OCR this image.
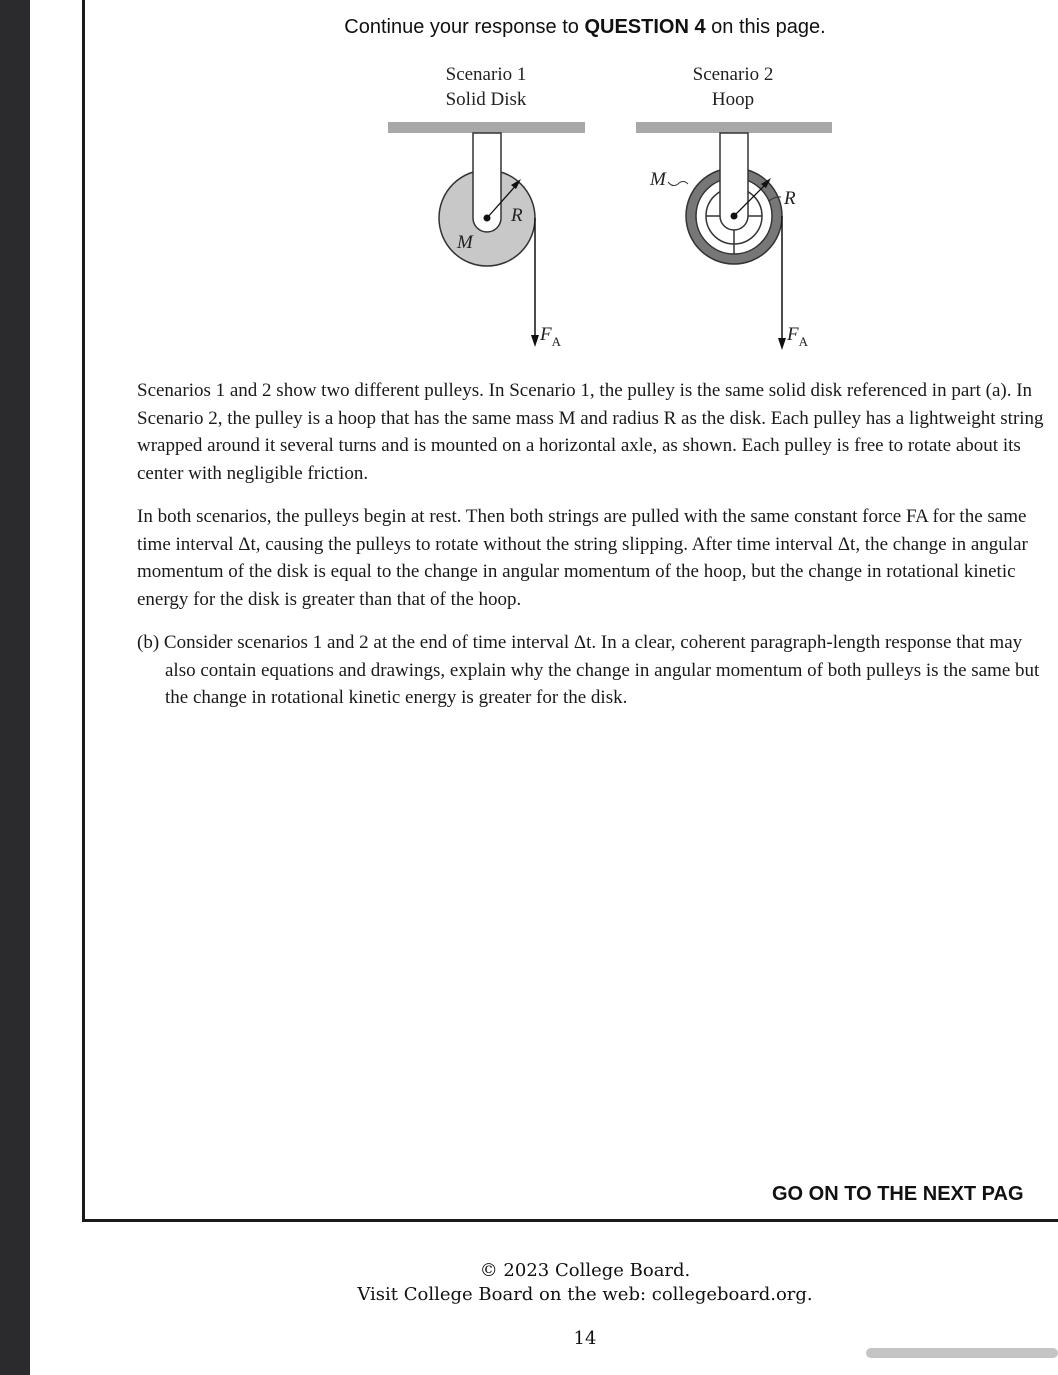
Continue your response to QUESTION 4 on this page.
Scenario 1
Solid Disk
R
M
$F_A$
Scenario 2
Hoop
R
M
$F_A$
Scenarios 1 and 2 show two different pulleys. In Scenario 1, the pulley is the same solid disk referenced in part (a). In Scenario 2, the pulley is a hoop that has the same mass M and radius R as the disk. Each pulley has a lightweight string wrapped around it several turns and is mounted on a horizontal axle, as shown. Each pulley is free to rotate about its center with negligible friction.
In both scenarios, the pulleys begin at rest. Then both strings are pulled with the same constant force FA for the same time interval Δt, causing the pulleys to rotate without the string slipping. After time interval Δt, the change in angular momentum of the disk is equal to the change in angular momentum of the hoop, but the change in rotational kinetic energy for the disk is greater than that of the hoop.
(b) Consider scenarios 1 and 2 at the end of time interval Δt. In a clear, coherent paragraph-length response that may also contain equations and drawings, explain why the change in angular momentum of both pulleys is the same but the change in rotational kinetic energy is greater for the disk.
GO ON TO THE NEXT PAG
© 2023 College Board.
Visit College Board on the web: collegeboard.org.
14
